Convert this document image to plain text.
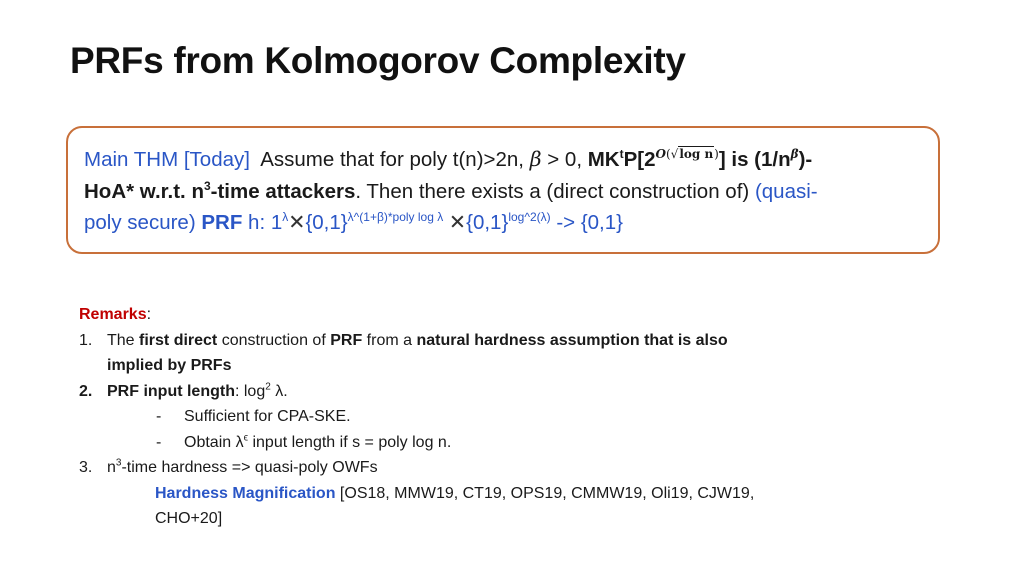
PRFs from Kolmogorov Complexity
Main THM [Today] Assume that for poly t(n)>2n, β > 0, $MK^tP[2^{O(√log n)}]$ is $(1/n^\beta)-$
HoA* w.r.t. $n^3$-time attackers. Then there exists a (direct construction of) (quasi-
poly secure) PRF h: $1^\lambda✕\{0,1\}^{\lambda\^{}(1+\beta)*poly log \lambda}$ $✕\{0,1\}^{log\^{}2(\lambda)} -> \{0,1\}$
Remarks:
1. The first direct construction of PRF from a natural hardness assumption that is also
implied by PRFs
2. PRF input length: $\log^2 \lambda$.
- Sufficient for CPA-SKE.
- Obtain $\lambda^\epsilon$ input length if s = poly log n.
3. $n^3$-time hardness => quasi-poly OWFs
Hardness Magnification [OS18, MMW19, CT19, OPS19, CMMW19, Oli19, CJW19,
CHO+20]
